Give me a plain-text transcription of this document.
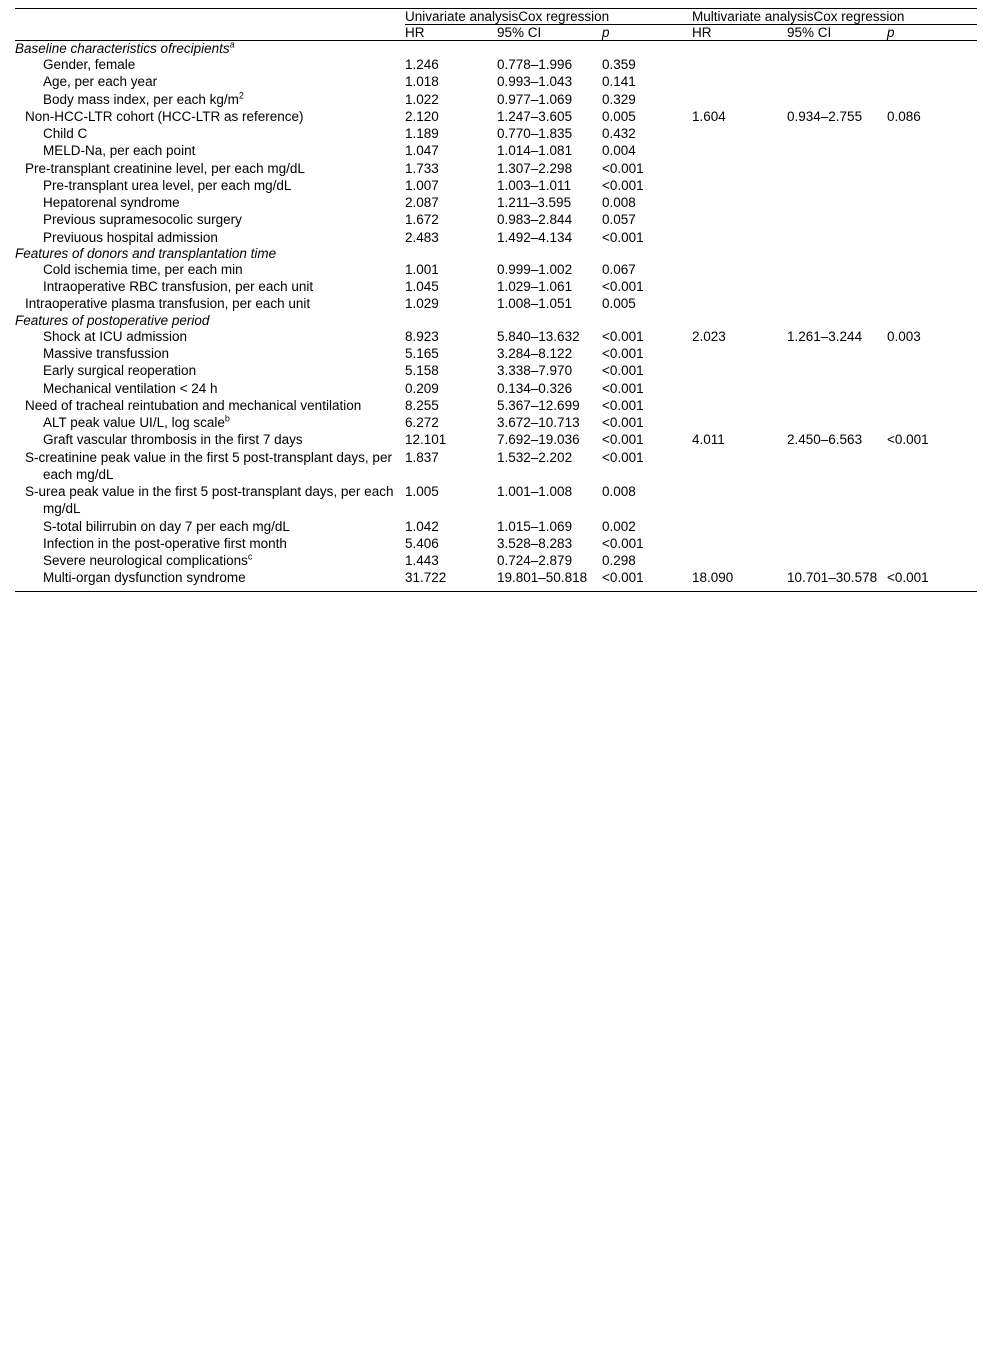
	Univariate analysisCox regression			Multivariate analysisCox regression		
	HR	95% CI	p	HR	95% CI	p
Baseline characteristics ofrecipients$^a$
Gender, female	1.246	0.778–1.996	0.359			
Age, per each year	1.018	0.993–1.043	0.141			
Body mass index, per each $kg/m^2$	1.022	0.977–1.069	0.329			
Non-HCC-LTR cohort (HCC-LTR as reference)	2.120	1.247–3.605	0.005	1.604	0.934–2.755	0.086
Child C	1.189	0.770–1.835	0.432			
MELD-Na, per each point	1.047	1.014–1.081	0.004			
Pre-transplant creatinine level, per each mg/dL	1.733	1.307–2.298	<0.001			
Pre-transplant urea level, per each mg/dL	1.007	1.003–1.011	<0.001			
Hepatorenal syndrome	2.087	1.211–3.595	0.008			
Previous supramesocolic surgery	1.672	0.983–2.844	0.057			
Previuous hospital admission	2.483	1.492–4.134	<0.001			
Features of donors and transplantation time						
Cold ischemia time, per each min	1.001	0.999–1.002	0.067			
Intraoperative RBC transfusion, per each unit	1.045	1.029–1.061	<0.001			
Intraoperative plasma transfusion, per each unit	1.029	1.008–1.051	0.005			
Features of postoperative period						
Shock at ICU admission	8.923	5.840–13.632	<0.001	2.023	1.261–3.244	0.003
Massive transfussion	5.165	3.284–8.122	<0.001			
Early surgical reoperation	5.158	3.338–7.970	<0.001			
Mechanical ventilation < 24 h	0.209	0.134–0.326	<0.001			
Need of tracheal reintubation and mechanical ventilation	8.255	5.367–12.699	<0.001			
ALT peak value UI/L, log scale$^b$	6.272	3.672–10.713	<0.001			
Graft vascular thrombosis in the first 7 days	12.101	7.692–19.036	<0.001	4.011	2.450–6.563	<0.001
S-creatinine peak value in the first 5 post-transplant days, per each mg/dL	1.837	1.532–2.202	<0.001			
S-urea peak value in the first 5 post-transplant days, per each mg/dL	1.005	1.001–1.008	0.008			
S-total bilirrubin on day 7 per each mg/dL	1.042	1.015–1.069	0.002			
Infection in the post-operative first month	5.406	3.528–8.283	<0.001			
Severe neurological complications$^c$	1.443	0.724–2.879	0.298			
Multi-organ dysfunction syndrome	31.722	19.801–50.818	<0.001	18.090	10.701–30.578	<0.001
